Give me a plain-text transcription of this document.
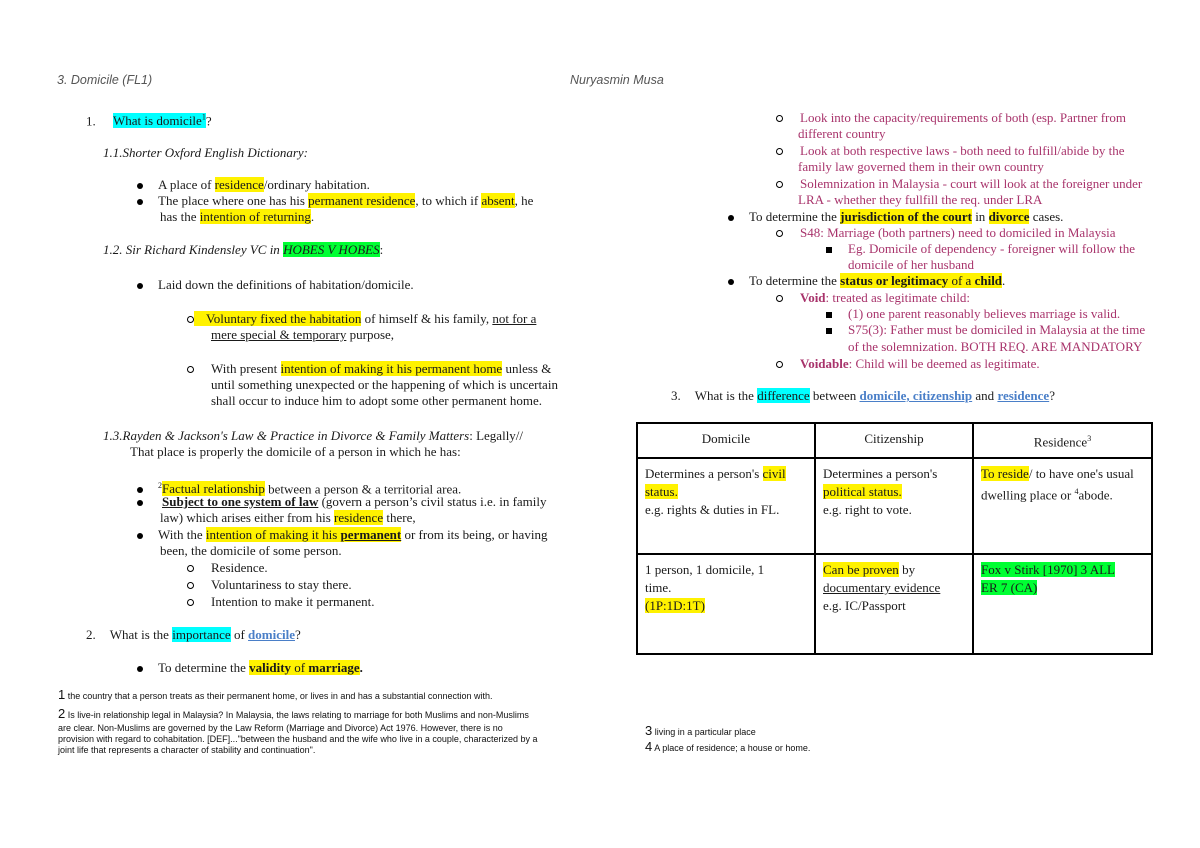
3. Domicile (FL1)	Nuryasmin Musa
1. What is domicile$^1$?
1.1.Shorter Oxford English Dictionary:
A place of residence/ordinary habitation.
The place where one has his permanent residence, to which if absent, he
has the intention of returning.
1.2. Sir Richard Kindensley VC in HOBES V HOBES:
Laid down the definitions of habitation/domicile.
Voluntary fixed the habitation of himself & his family, not for a
mere special & temporary purpose,
With present intention of making it his permanent home unless &
until something unexpected or the happening of which is uncertain
shall occur to induce him to adopt some other permanent home.
1.3.Rayden & Jackson's Law & Practice in Divorce & Family Matters: Legally//
That place is properly the domicile of a person in which he has:
$^2$Factual relationship between a person & a territorial area.
Subject to one system of law (govern a person’s civil status i.e. in family
law) which arises either from his residence there,
With the intention of making it his permanent or from its being, or having
been, the domicile of some person.
Residence.
Voluntariness to stay there.
Intention to make it permanent.
2. What is the importance of domicile?
To determine the validity of marriage.
Look into the capacity/requirements of both (esp. Partner from
different country
Look at both respective laws - both need to fulfill/abide by the
family law governed them in their own country
Solemnization in Malaysia - court will look at the foreigner under
LRA - whether they fullfill the req. under LRA
To determine the jurisdiction of the court in divorce cases.
S48: Marriage (both partners) need to domiciled in Malaysia
Eg. Domicile of dependency - foreigner will follow the
domicile of her husband
To determine the status or legitimacy of a child.
Void: treated as legitimate child:
(1) one parent reasonably believes marriage is valid.
S75(3): Father must be domiciled in Malaysia at the time
of the solemnization. BOTH REQ. ARE MANDATORY
Voidable: Child will be deemed as legitimate.
3. What is the difference between domicile, citizenship and residence?
Domicile	Citizenship	Residence$^3$
Determines a person's civil
status.
e.g. rights & duties in FL.	Determines a person's
political status.
e.g. right to vote.	To reside/ to have one's usual
dwelling place or $^4$abode.
1 person, 1 domicile, 1
time.
(1P:1D:1T)	Can be proven by
documentary evidence
e.g. IC/Passport	Fox v Stirk [1970] 3 ALL
ER 7 (CA)
1 the country that a person treats as their permanent home, or lives in and has a substantial connection with.
2 Is live-in relationship legal in Malaysia? In Malaysia, the laws relating to marriage for both Muslims and non-Muslims
are clear. Non-Muslims are governed by the Law Reform (Marriage and Divorce) Act 1976. However, there is no
provision with regard to cohabitation. [DEF]..."between the husband and the wife who live in a couple, characterized by a
joint life that represents a character of stability and continuation".
3 living in a particular place
4 A place of residence; a house or home.
